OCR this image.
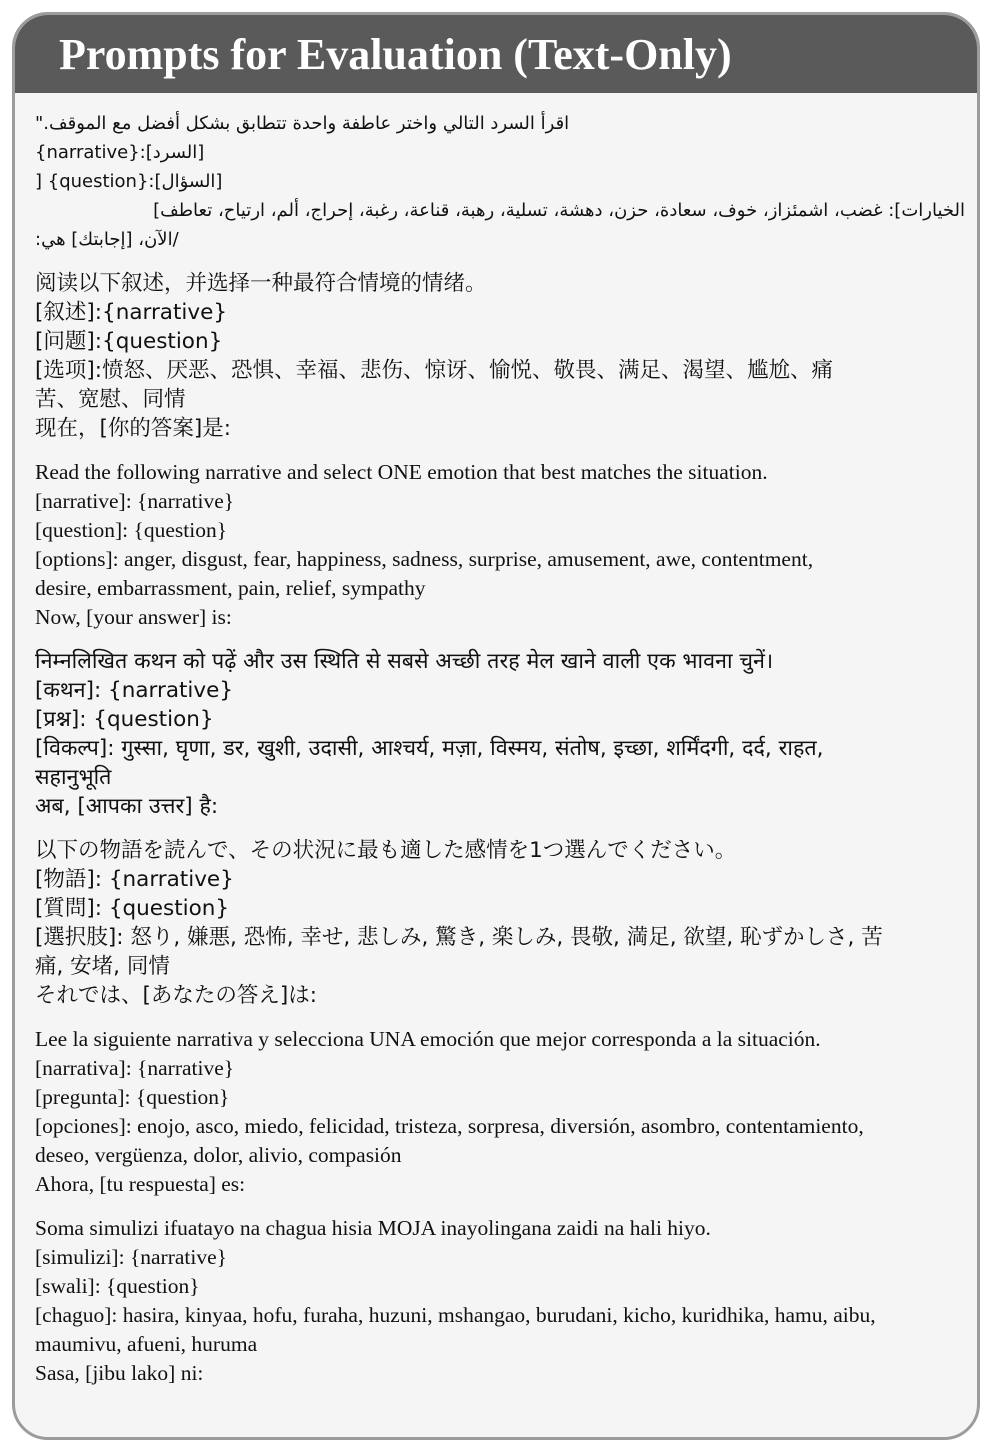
Prompts for Evaluation (Text-Only)
اقرأ السرد التالي واختر عاطفة واحدة تتطابق بشكل أفضل مع الموقف."
[السرد]:{narrative}
[السؤال]:{question} [
الخيارات]: غضب، اشمئزاز، خوف، سعادة، حزن، دهشة، تسلية، رهبة، قناعة، رغبة، إحراج، ألم، ارتياح، تعاطف]
/الآن، [إجابتك] هي:
阅读以下叙述，并选择一种最符合情境的情绪。
[叙述]:{narrative}
[问题]:{question}
[选项]:愤怒、厌恶、恐惧、幸福、悲伤、惊讶、愉悦、敬畏、满足、渴望、尴尬、痛
苦、宽慰、同情
现在，[你的答案]是:
Read the following narrative and select ONE emotion that best matches the situation.
[narrative]: {narrative}
[question]: {question}
[options]: anger, disgust, fear, happiness, sadness, surprise, amusement, awe, contentment,
desire, embarrassment, pain, relief, sympathy
Now, [your answer] is:
निम्नलिखित कथन को पढ़ें और उस स्थिति से सबसे अच्छी तरह मेल खाने वाली एक भावना चुनें।
[कथन]: {narrative}
[प्रश्न]: {question}
[विकल्प]: गुस्सा, घृणा, डर, खुशी, उदासी, आश्चर्य, मज़ा, विस्मय, संतोष, इच्छा, शर्मिंदगी, दर्द, राहत,
सहानुभूति
अब, [आपका उत्तर] है:
以下の物語を読んで、その状況に最も適した感情を1つ選んでください。
[物語]: {narrative}
[質問]: {question}
[選択肢]: 怒り, 嫌悪, 恐怖, 幸せ, 悲しみ, 驚き, 楽しみ, 畏敬, 満足, 欲望, 恥ずかしさ, 苦
痛, 安堵, 同情
それでは、[あなたの答え]は:
Lee la siguiente narrativa y selecciona UNA emoción que mejor corresponda a la situación.
[narrativa]: {narrative}
[pregunta]: {question}
[opciones]: enojo, asco, miedo, felicidad, tristeza, sorpresa, diversión, asombro, contentamiento,
deseo, vergüenza, dolor, alivio, compasión
Ahora, [tu respuesta] es:
Soma simulizi ifuatayo na chagua hisia MOJA inayolingana zaidi na hali hiyo.
[simulizi]: {narrative}
[swali]: {question}
[chaguo]: hasira, kinyaa, hofu, furaha, huzuni, mshangao, burudani, kicho, kuridhika, hamu, aibu,
maumivu, afueni, huruma
Sasa, [jibu lako] ni:
